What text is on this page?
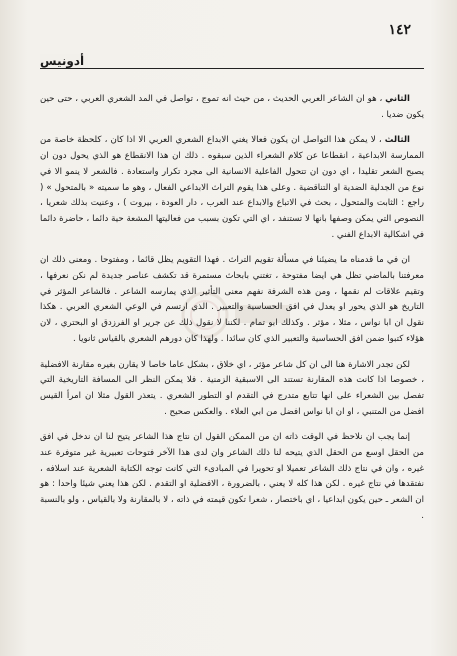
١٤٢
أدونيس

الثاني ، هو ان الشاعر العربي الحديث ، من حيث انه تموج ، تواصل في المد الشعري العربي ، حتى حين يكون ضديا .

الثالث ، لا يمكن هذا التواصل ان يكون فعالا يغني الابداع الشعري العربي الا اذا كان ، كلحظة خاصة من الممارسة الابداعية ، انقطاعا عن كلام الشعراء الذين سبقوه . ذلك ان هذا الانقطاع هو الذي يحول دون ان يصبح الشعر تقليدا ، اي دون ان تتحول الفاعلية الانسانية الى مجرد تكرار واستعادة . فالشعر لا ينمو الا في نوع من الجدلية الضدية او التناقضية . وعلى هذا يقوم التراث الابداعي الفعال ، وهو ما سميته « بالمتحول » ( راجع : الثابت والمتحول ، بحث في الاتباع والابداع عند العرب ، دار العودة ، بيروت ) ، وعنيت بذلك شعريا ، النصوص التي يمكن وصفها بانها لا تستنفد ، اي التي تكون بسبب من فعاليتها المشعة حية دائما ، حاضرة دائما في اشكالية الابداع الفني .

ان في ما قدمناه ما يضيئنا في مسألة تقويم التراث . فهذا التقويم يظل قائما ، ومفتوحا . ومعنى ذلك ان معرفتنا بالماضي تظل هي ايضا مفتوحة ، تغتني بابحاث مستمرة قد تكشف عناصر جديدة لم نكن نعرفها ، وتقيم علاقات لم نقمها ، ومن هذه الشرفة نفهم معنى التأثير الذي يمارسه الشاعر . فالشاعر المؤثر في التاريخ هو الذي يحور او يعدل في افق الحساسية والتعبير . الذي ارتسم في الوعي الشعري العربي . هكذا نقول ان ابا نواس ، مثلا ، مؤثر . وكذلك ابو تمام . لكننا لا نقول ذلك عن جرير او الفرزدق او البحتري ، لان هؤلاء كتبوا ضمن افق الحساسية والتعبير الذي كان سائدا . ولهذا كان دورهم الشعري بالقياس ثانويا .

لكن تجدر الاشارة هنا الى ان كل شاعر مؤثر ، اي خلاق ، بشكل عاما خاصا لا يقارن بغيره مقارنة الافضلية ، خصوصا اذا كانت هذه المقارنة تستند الى الاسبقية الزمنية . فلا يمكن النظر الى المسافة التاريخية التي تفصل بين الشعراء على انها تتابع متدرج في التقدم او التطور الشعري . يتعذر القول مثلا ان امرأ القيس افضل من المتنبي ، او ان ابا نواس افضل من ابي العلاء . والعكس صحيح .

إنما يجب ان نلاحظ في الوقت ذاته ان من الممكن القول ان نتاج هذا الشاعر يتيح لنا ان ندخل في افق من الحقل اوسع من الحقل الذي يتيحه لنا ذلك الشاعر وان لدى هذا الآخر فتوحات تعبيرية غير متوفرة عند غيره ، وان في نتاج ذلك الشاعر تعميلا او تحويرا في المبادىء التي كانت توجه الكتابة الشعرية عند اسلافه ، نفتقدها في نتاج غيره . لكن هذا كله لا يعني ، بالضرورة ، الافضلية او التقدم . لكن هذا يعني شيئا واحدا : هو ان الشعر ـ حين يكون ابداعيا ، اي باختصار ، شعرا تكون قيمته في ذاته ، لا بالمقارنة ولا بالقياس ، ولو بالنسبة .
